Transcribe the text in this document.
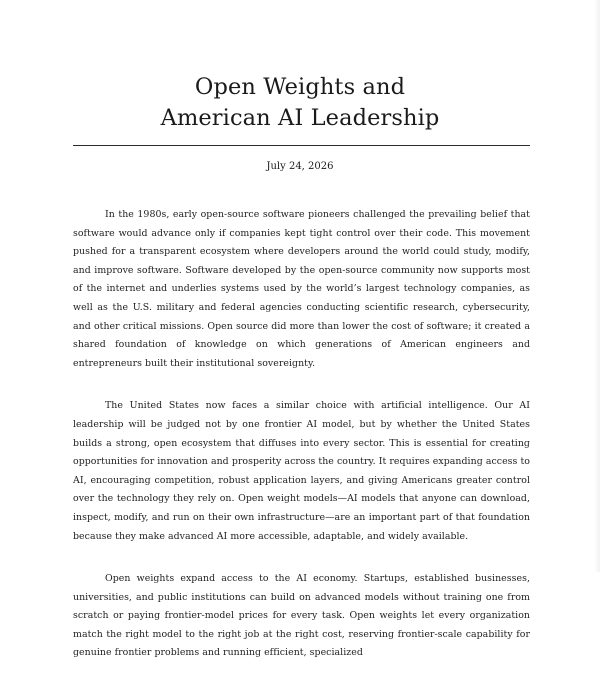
Open Weights and
American AI Leadership
July 24, 2026

In the 1980s, early open-source software pioneers challenged the prevailing belief that software would advance only if companies kept tight control over their code. This movement pushed for a transparent ecosystem where developers around the world could study, modify, and improve software. Software developed by the open-source community now supports most of the internet and underlies systems used by the world’s largest technology companies, as well as the U.S. military and federal agencies conducting scientific research, cybersecurity, and other critical missions. Open source did more than lower the cost of software; it created a shared foundation of knowledge on which generations of American engineers and entrepreneurs built their institutional sovereignty.

The United States now faces a similar choice with artificial intelligence. Our AI leadership will be judged not by one frontier AI model, but by whether the United States builds a strong, open ecosystem that diffuses into every sector. This is essential for creating opportunities for innovation and prosperity across the country. It requires expanding access to AI, encouraging competition, robust application layers, and giving Americans greater control over the technology they rely on. Open weight models—AI models that anyone can download, inspect, modify, and run on their own infrastructure—are an important part of that foundation because they make advanced AI more accessible, adaptable, and widely available.

Open weights expand access to the AI economy. Startups, established businesses, universities, and public institutions can build on advanced models without training one from scratch or paying frontier-model prices for every task. Open weights let every organization match the right model to the right job at the right cost, reserving frontier-scale capability for genuine frontier problems and running efficient, specialized
